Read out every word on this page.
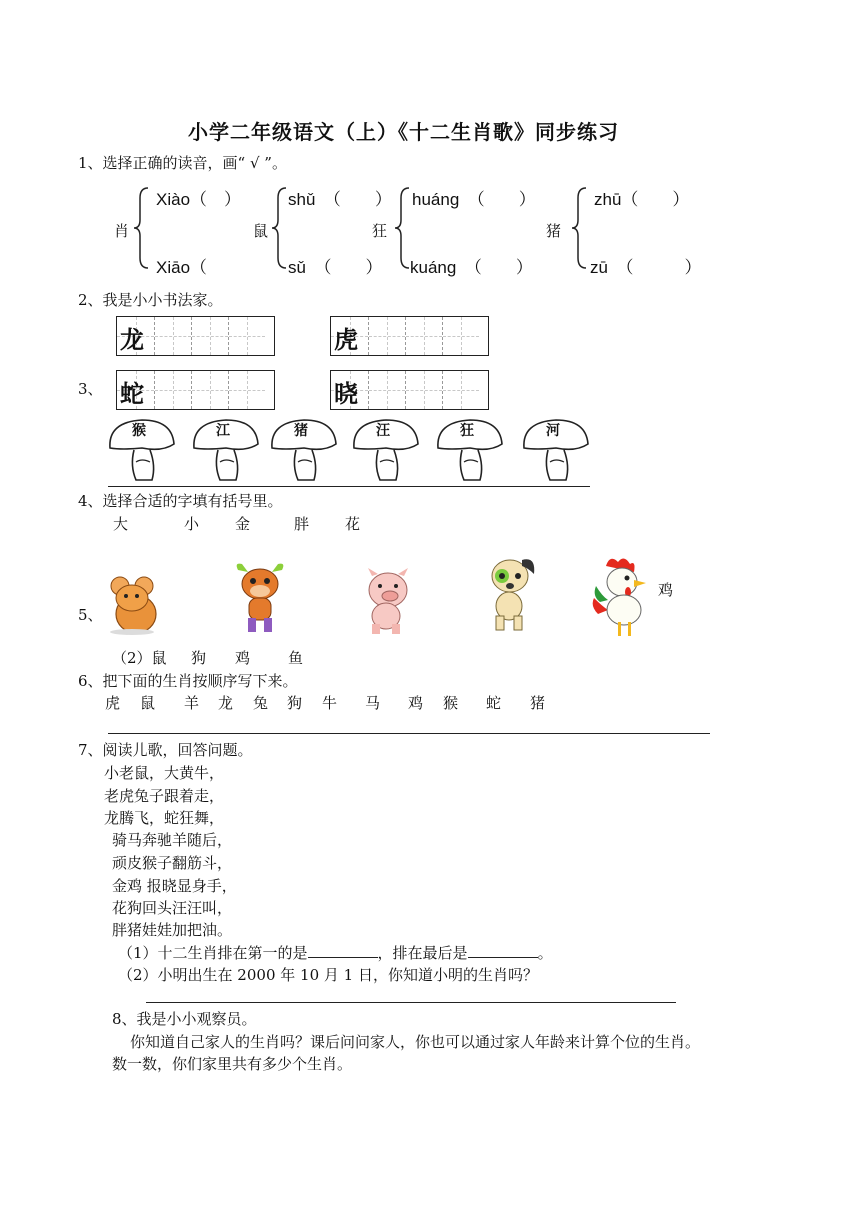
小学二年级语文（上）《十二生肖歌》同步练习
1、选择正确的读音，画“ √ ”。
肖
Xiào（　）
Xiāo（
鼠
shǔ　（　　）
sǔ　（　　）
狂
huáng　（　　）
kuáng　（　　）
猪
zhū（　　）
zū　（　　　）
2、我是小小书法家。
龙	虎
蛇	晓
3、
猴	江	猪	汪	狂	河
4、选择合适的字填有括号里。
大	小 金	胖 花
5、
鸡
（2）鼠 狗 鸡	鱼
6、把下面的生肖按顺序写下来。
虎 鼠 羊 龙 兔 狗 牛 马 鸡 猴 蛇 猪
7、阅读儿歌，回答问题。
小老鼠，大黄牛，
老虎兔子跟着走，
龙腾飞，蛇狂舞，
骑马奔驰羊随后，
顽皮猴子翻筋斗，
金鸡 报晓显身手，
花狗回头汪汪叫，
胖猪娃娃加把油。
（1）十二生肖排在第一的是	，排在最后是	。
（2）小明出生在 2000 年 10 月 1 日，你知道小明的生肖吗？
8、我是小小观察员。
你知道自己家人的生肖吗？课后问问家人，你也可以通过家人年龄来计算个位的生肖。
数一数，你们家里共有多少个生肖。
